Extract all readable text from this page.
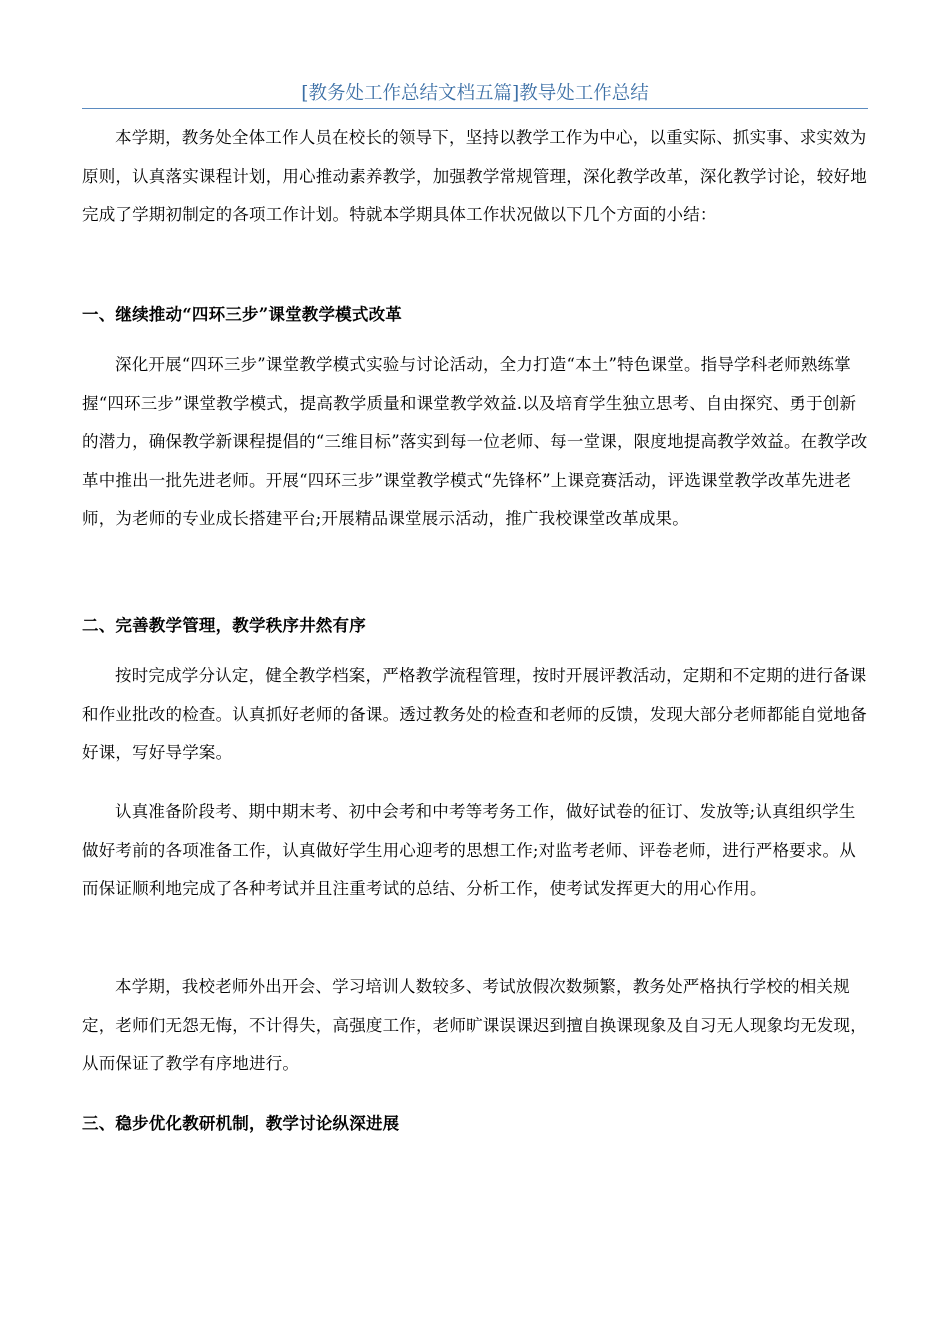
[教务处工作总结文档五篇]教导处工作总结

本学期，教务处全体工作人员在校长的领导下，坚持以教学工作为中心，以重实际、抓实事、求实效为原则，认真落实课程计划，用心推动素养教学，加强教学常规管理，深化教学改革，深化教学讨论，较好地完成了学期初制定的各项工作计划。特就本学期具体工作状况做以下几个方面的小结：

一、继续推动“四环三步”课堂教学模式改革

深化开展“四环三步”课堂教学模式实验与讨论活动，全力打造“本土”特色课堂。指导学科老师熟练掌握“四环三步”课堂教学模式，提高教学质量和课堂教学效益.以及培育学生独立思考、自由探究、勇于创新的潜力，确保教学新课程提倡的“三维目标”落实到每一位老师、每一堂课，限度地提高教学效益。在教学改革中推出一批先进老师。开展“四环三步”课堂教学模式“先锋杯”上课竞赛活动，评选课堂教学改革先进老师，为老师的专业成长搭建平台;开展精品课堂展示活动，推广我校课堂改革成果。

二、完善教学管理，教学秩序井然有序

按时完成学分认定，健全教学档案，严格教学流程管理，按时开展评教活动，定期和不定期的进行备课和作业批改的检查。认真抓好老师的备课。透过教务处的检查和老师的反馈，发现大部分老师都能自觉地备好课，写好导学案。

认真准备阶段考、期中期末考、初中会考和中考等考务工作，做好试卷的征订、发放等;认真组织学生做好考前的各项准备工作，认真做好学生用心迎考的思想工作;对监考老师、评卷老师，进行严格要求。从而保证顺利地完成了各种考试并且注重考试的总结、分析工作，使考试发挥更大的用心作用。

本学期，我校老师外出开会、学习培训人数较多、考试放假次数频繁，教务处严格执行学校的相关规定，老师们无怨无悔，不计得失，高强度工作，老师旷课误课迟到擅自换课现象及自习无人现象均无发现，从而保证了教学有序地进行。

三、稳步优化教研机制，教学讨论纵深进展
